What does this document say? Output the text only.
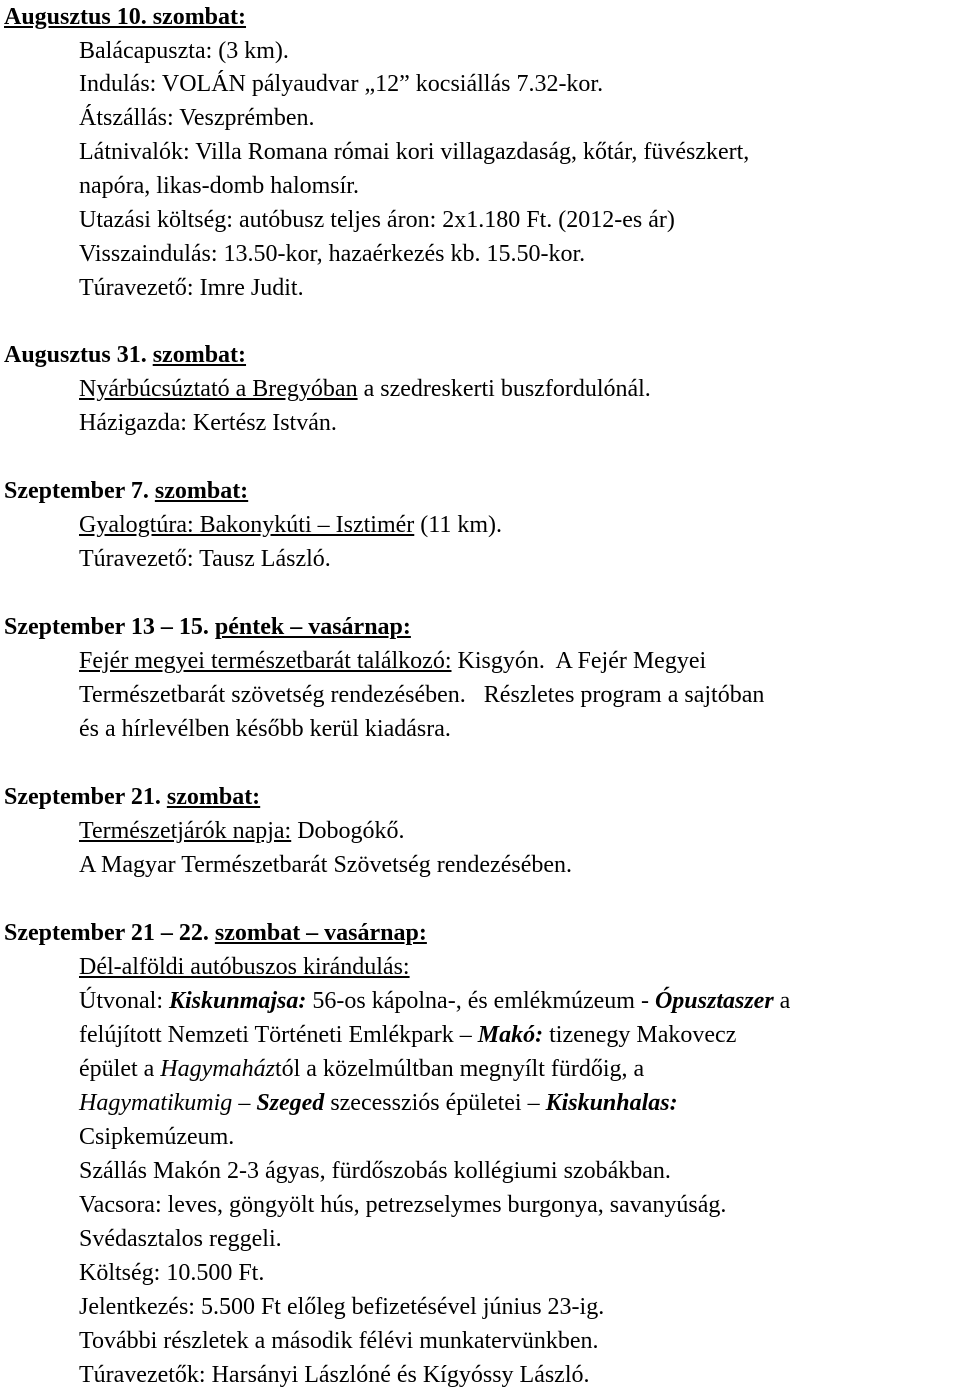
Augusztus 10. szombat:
Balácapuszta: (3 km).
Indulás: VOLÁN pályaudvar „12” kocsiállás 7.32-kor.
Átszállás: Veszprémben.
Látnivalók: Villa Romana római kori villagazdaság, kőtár, füvészkert,
napóra, likas-domb halomsír.
Utazási költség: autóbusz teljes áron: 2x1.180 Ft. (2012-es ár)
Visszaindulás: 13.50-kor, hazaérkezés kb. 15.50-kor.
Túravezető: Imre Judit.
Augusztus 31. szombat:
Nyárbúcsúztató a Bregyóban a szedreskerti buszfordulónál.
Házigazda: Kertész István.
Szeptember 7. szombat:
Gyalogtúra: Bakonykúti – Isztimér (11 km).
Túravezető: Tausz László.
Szeptember 13 – 15. péntek – vasárnap:
Fejér megyei természetbarát találkozó: Kisgyón.  A Fejér Megyei
Természetbarát szövetség rendezésében.   Részletes program a sajtóban
és a hírlevélben később kerül kiadásra.
Szeptember 21. szombat:
Természetjárók napja: Dobogókő.
A Magyar Természetbarát Szövetség rendezésében.
Szeptember 21 – 22. szombat – vasárnap:
Dél-alföldi autóbuszos kirándulás:
Útvonal: Kiskunmajsa: 56-os kápolna-, és emlékmúzeum - Ópusztaszer a
felújított Nemzeti Történeti Emlékpark – Makó: tizenegy Makovecz
épület a Hagymaháztól a közelmúltban megnyílt fürdőig, a
Hagymatikumig – Szeged szecessziós épületei – Kiskunhalas:
Csipkemúzeum.
Szállás Makón 2-3 ágyas, fürdőszobás kollégiumi szobákban.
Vacsora: leves, göngyölt hús, petrezselymes burgonya, savanyúság.
Svédasztalos reggeli.
Költség: 10.500 Ft.
Jelentkezés: 5.500 Ft előleg befizetésével június 23-ig.
További részletek a második félévi munkatervünkben.
Túravezetők: Harsányi Lászlóné és Kígyóssy László.
